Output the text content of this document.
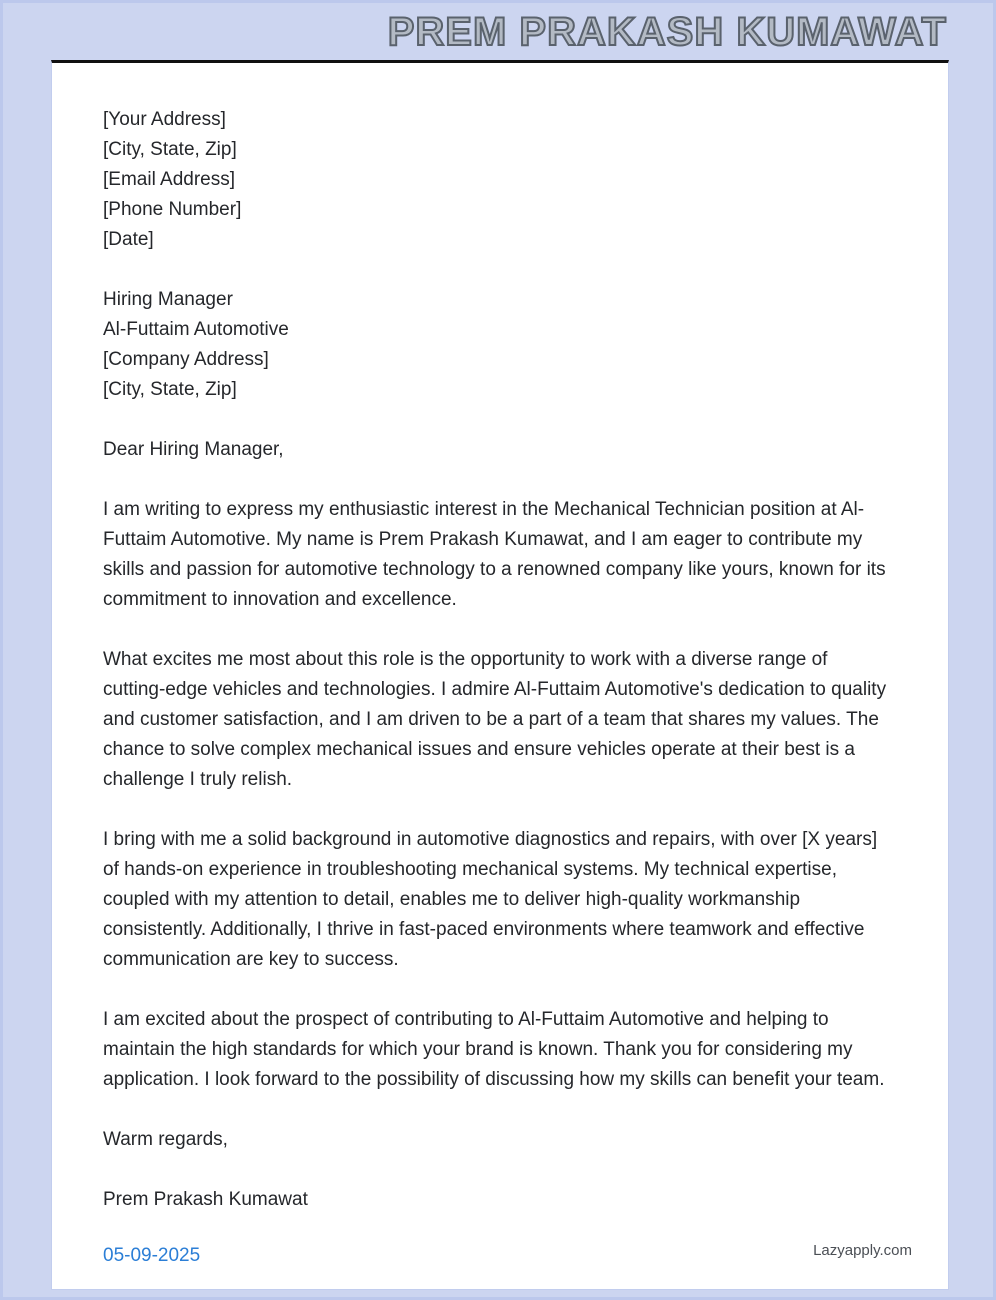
PREM PRAKASH KUMAWAT
[Your Address]
[City, State, Zip]
[Email Address]
[Phone Number]
[Date]
Hiring Manager
Al-Futtaim Automotive
[Company Address]
[City, State, Zip]

Dear Hiring Manager,

I am writing to express my enthusiastic interest in the Mechanical Technician position at Al-Futtaim Automotive. My name is Prem Prakash Kumawat, and I am eager to contribute my skills and passion for automotive technology to a renowned company like yours, known for its commitment to innovation and excellence.

What excites me most about this role is the opportunity to work with a diverse range of cutting-edge vehicles and technologies. I admire Al-Futtaim Automotive's dedication to quality and customer satisfaction, and I am driven to be a part of a team that shares my values. The chance to solve complex mechanical issues and ensure vehicles operate at their best is a challenge I truly relish.

I bring with me a solid background in automotive diagnostics and repairs, with over [X years] of hands-on experience in troubleshooting mechanical systems. My technical expertise, coupled with my attention to detail, enables me to deliver high-quality workmanship consistently. Additionally, I thrive in fast-paced environments where teamwork and effective communication are key to success.

I am excited about the prospect of contributing to Al-Futtaim Automotive and helping to maintain the high standards for which your brand is known. Thank you for considering my application. I look forward to the possibility of discussing how my skills can benefit your team.

Warm regards,

Prem Prakash Kumawat

05-09-2025	Lazyapply.com
